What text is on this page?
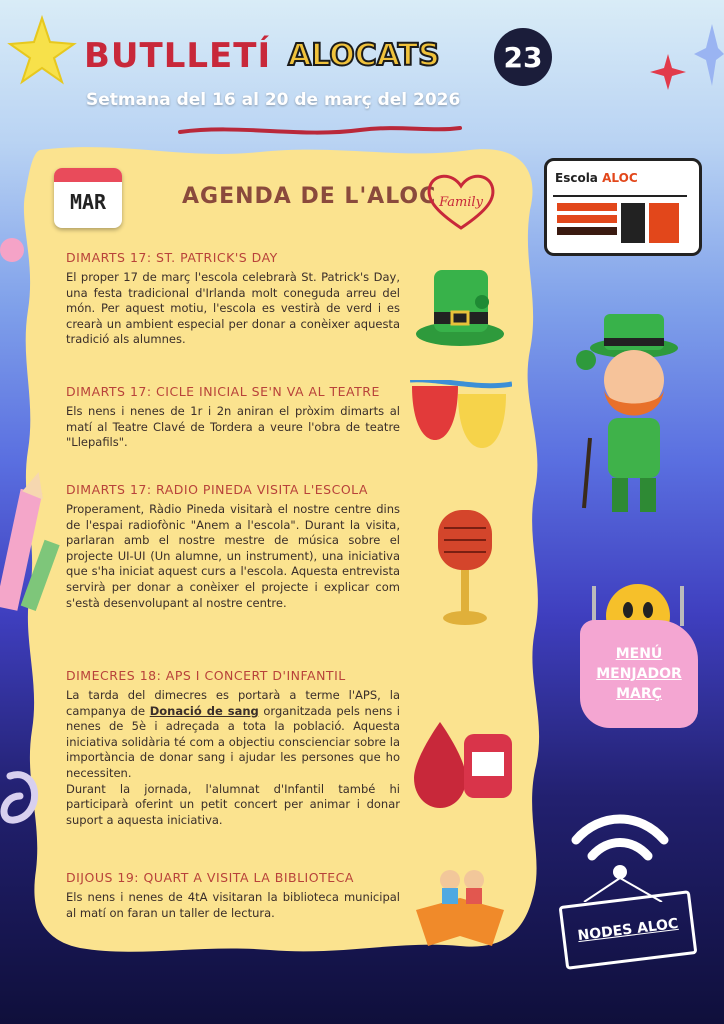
BUTLLETÍ ALOCATS	23
Setmana del 16 al 20 de març del 2026
MAR	AGENDA DE L'ALOC Family
DIMARTS 17: ST. PATRICK'S DAY
El proper 17 de març l'escola celebrarà St. Patrick's Day, una festa tradicional d'Irlanda molt coneguda arreu del món. Per aquest motiu, l'escola es vestirà de verd i es crearà un ambient especial per donar a conèixer aquesta tradició als alumnes.
DIMARTS 17: CICLE INICIAL SE'N VA AL TEATRE
Els nens i nenes de 1r i 2n aniran el pròxim dimarts al matí al Teatre Clavé de Tordera a veure l'obra de teatre "Llepafils".
DIMARTS 17: RADIO PINEDA VISITA L'ESCOLA
Properament, Ràdio Pineda visitarà el nostre centre dins de l'espai radiofònic "Anem a l'escola". Durant la visita, parlaran amb el nostre mestre de música sobre el projecte UI-UI (Un alumne, un instrument), una iniciativa que s'ha iniciat aquest curs a l'escola. Aquesta entrevista servirà per donar a conèixer el projecte i explicar com s'està desenvolupant al nostre centre.
DIMECRES 18: APS I CONCERT D'INFANTIL
La tarda del dimecres es portarà a terme l'APS, la campanya de Donació de sang organitzada pels nens i nenes de 5è i adreçada a tota la població. Aquesta iniciativa solidària té com a objectiu conscienciar sobre la importància de donar sang i ajudar les persones que ho necessiten.
Durant la jornada, l'alumnat d'Infantil també hi participarà oferint un petit concert per animar i donar suport a aquesta iniciativa.
DIJOUS 19: QUART A VISITA LA BIBLIOTECA
Els nens i nenes de 4tA visitaran la biblioteca municipal al matí on faran un taller de lectura.
Escola ALOC
MENÚ
MENJADOR
MARÇ
NODES ALOC
